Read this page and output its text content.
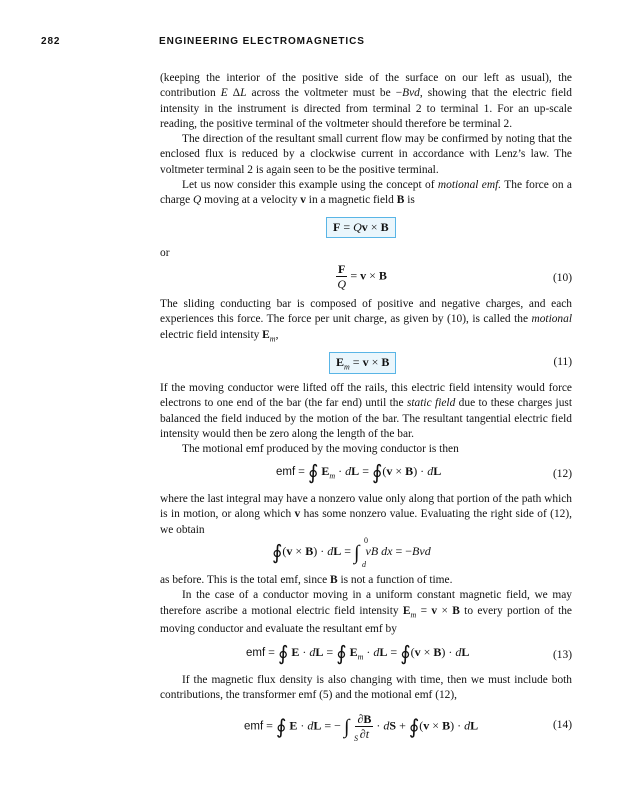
282	ENGINEERING ELECTROMAGNETICS

(keeping the interior of the positive side of the surface on our left as usual), the contribution E ΔL across the voltmeter must be −Bvd, showing that the electric field intensity in the instrument is directed from terminal 2 to terminal 1. For an up-scale reading, the positive terminal of the voltmeter should therefore be terminal 2.

The direction of the resultant small current flow may be confirmed by noting that the enclosed flux is reduced by a clockwise current in accordance with Lenz’s law. The voltmeter terminal 2 is again seen to be the positive terminal.

Let us now consider this example using the concept of motional emf. The force on a charge Q moving at a velocity v in a magnetic field B is

F = Qv × B
or
$\frac{F}{Q} = v \times B$	(10)

The sliding conducting bar is composed of positive and negative charges, and each experiences this force. The force per unit charge, as given by (10), is called the motional electric field intensity $E_m$,

$E_m = v \times B$	(11)

If the moving conductor were lifted off the rails, this electric field intensity would force electrons to one end of the bar (the far end) until the static field due to these charges just balanced the field induced by the motion of the bar. The resultant tangential electric field intensity would then be zero along the length of the bar.

The motional emf produced by the moving conductor is then

emf = ∮ $E_m$ · dL = ∮(v × B) · dL	(12)

where the last integral may have a nonzero value only along that portion of the path which is in motion, or along which v has some nonzero value. Evaluating the right side of (12), we obtain

∮(v × B) · dL = ∫
0
d
vB dx = −Bvd

as before. This is the total emf, since B is not a function of time.

In the case of a conductor moving in a uniform constant magnetic field, we may therefore ascribe a motional electric field intensity $E_m = v \times B$ to every portion of the moving conductor and evaluate the resultant emf by

emf = ∮ E · dL = ∮ $E_m$ · dL = ∮(v × B) · dL	(13)

If the magnetic flux density is also changing with time, then we must include both contributions, the transformer emf (5) and the motional emf (12),

emf = ∮ E · dL = − ∫
S

$\frac{\partial B}{\partial t}$ · dS + ∮(v × B) · dL	(14)
